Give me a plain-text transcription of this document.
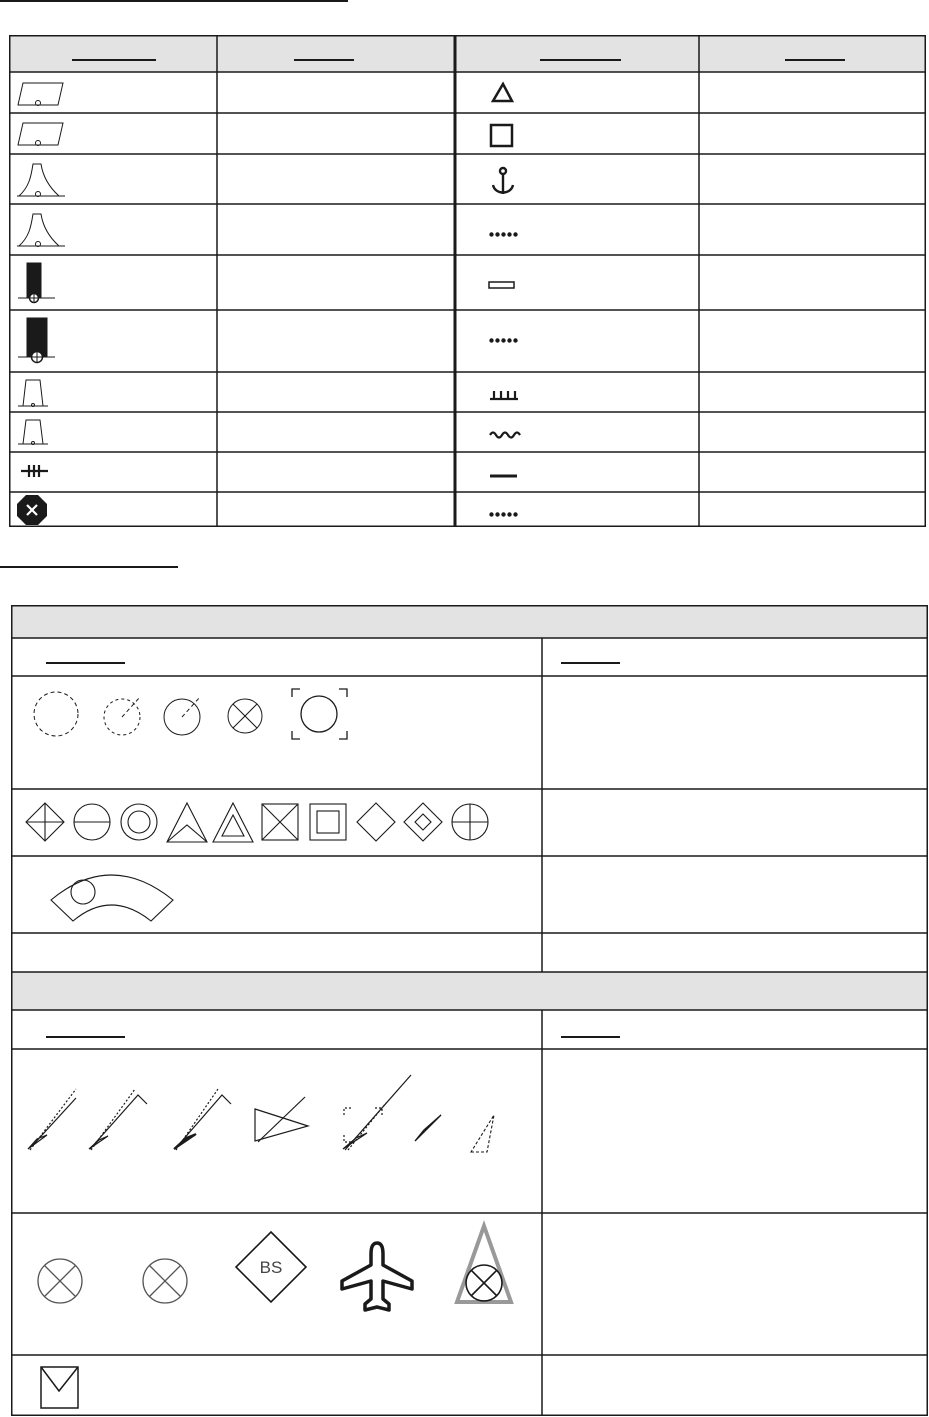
BS
